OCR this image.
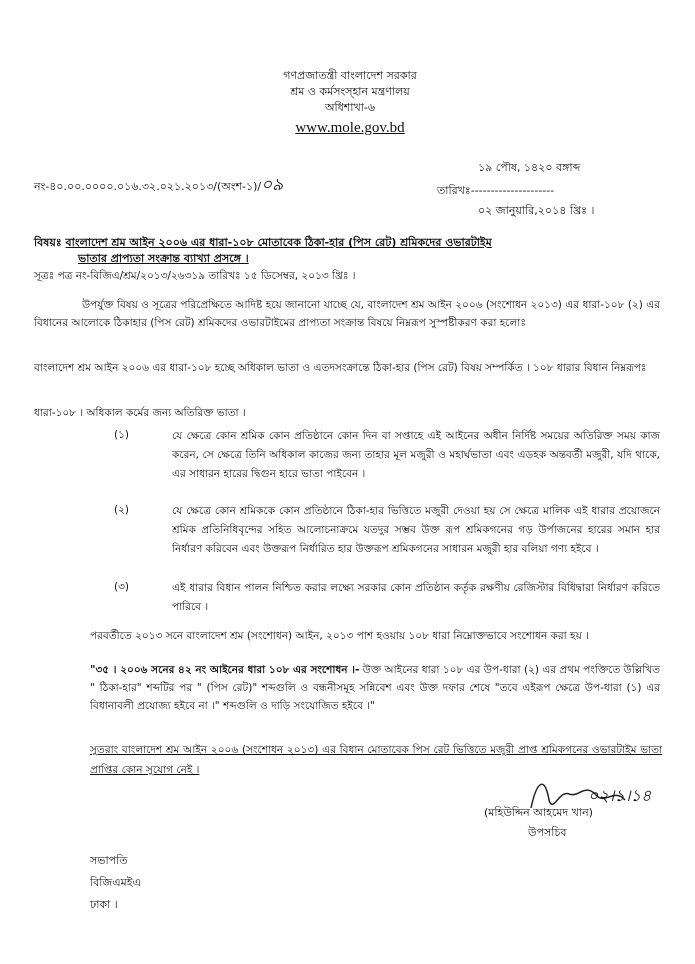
গণপ্রজাতন্ত্রী বাংলাদেশ সরকার
শ্রম ও কর্মসংস্হান মন্ত্রণালয়
অধিশাখা-৬
www.mole.gov.bd
১৯ পৌষ, ১৪২০ বঙ্গাব্দ
নং-৪০.০০.০০০০.০১৬.৩২.০২১.২০১৩/(অংশ-১)/০৯	তারিখঃ---------------------
০২ জানুয়ারি,২০১৪ খ্রিঃ ।
বিষয়ঃ বাংলাদেশ শ্রম আইন ২০০৬ এর ধারা-১০৮ মোতাবেক ঠিকা-হার (পিস রেট) শ্রমিকদের ওভারটাইম
ভাতার প্রাপ্যতা সংক্রান্ত ব্যাখ্যা প্রসঙ্গে ।
সূত্রঃ পত্র নং-বিজিএ/শ্রম/২০১৩/২৬৩১৯ তারিখঃ ১৫ ডিসেম্বর, ২০১৩ খ্রিঃ ।
উপর্যুক্ত বিষয় ও সূত্রের পরিপ্রেক্ষিতে আদিষ্ট হয়ে জানানো যাচ্ছে যে, বাংলাদেশ শ্রম আইন ২০০৬ (সংশোধন ২০১৩) এর ধারা-১০৮ (২) এর বিধানের আলোকে ঠিকাহার (পিস রেট) শ্রমিকদের ওভারটাইমের প্রাপ্যতা সংক্রান্ত বিষয়ে নিম্নরূপ সুস্পষ্টীকরণ করা হলোঃ
বাংলাদেশ শ্রম আইন ২০০৬ এর ধারা-১০৮ হচ্ছে অধিকাল ভাতা ও এতদসংক্রান্তে ঠিকা-হার (পিস রেট) বিষয় সম্পর্কিত । ১০৮ ধারার বিধান নিম্নরূপঃ
ধারা-১০৮ । অধিকাল কর্মের জন্য অতিরিক্ত ভাতা ।
(১)	যে ক্ষেত্রে কোন শ্রমিক কোন প্রতিষ্ঠানে কোন দিন বা সপ্তাহে এই আইনের অধীন নির্দিষ্ট সময়ের অতিরিক্ত সময় কাজ করেন, সে ক্ষেত্রে তিনি অধিকাল কাজের জন্য তাহার মূল মজুরী ও মহার্ঘভাতা এবং এডহক অন্তবর্তী মজুরী, যদি থাকে, এর সাধারন হারের দ্বিগুন হারে ভাতা পাইবেন ।
(২)	যে ক্ষেত্রে কোন শ্রমিককে কোন প্রতিষ্ঠানে ঠিকা-হার ভিত্তিতে মজুরী দেওয়া হয় সে ক্ষেত্রে মালিক এই ধারার প্রয়োজনে শ্রমিক প্রতিনিধিবৃন্দের সহিত আলোচনাক্রমে যতদুর সম্ভব উক্ত রূপ শ্রমিকগনের গড় উর্পাজনের হারের সমান হার নির্ধারণ করিবেন এবং উক্তরূপ নির্ধারিত হার উক্তরূপ শ্রমিকগনের সাধারন মজুরী হার বলিয়া গণ্য হইবে ।
(৩)	এই ধারার বিধান পালন নিশ্চিত করার লক্ষ্যে সরকার কোন প্রতিষ্ঠান কর্তৃক রক্ষণীয় রেজিস্টার বিধিদ্বারা নির্ধারণ করিতে পারিবে ।
পরবর্তীতে ২০১৩ সনে বাংলাদেশ শ্রম (সংশোধন) আইন, ২০১৩ পাশ হওয়ায় ১০৮ ধারা নিম্নোক্তভাবে সংশোধন করা হয় ।
"৩৫ । ২০০৬ সনের ৪২ নং আইনের ধারা ১০৮ এর সংশোধন ।- উক্ত আইনের ধারা ১০৮ এর উপ-ধারা (২) এর প্রথম পংক্তিতে উল্লিখিত " ঠিকা-হার" শব্দটির পর " (পিস রেট)" শব্দগুলি ও বন্ধনীসমূহ সন্নিবেশ এবং উক্ত দফার শেষে "তবে এইরূপ ক্ষেত্রে উপ-ধারা (১) এর বিধানাবলী প্রযোজ্য হইবে না ।" শব্দগুলি ও দাড়ি সংযোজিত হইবে ।"
সুতরাং বাংলাদেশ শ্রম আইন ২০০৬ (সংশোধন ২০১৩) এর বিধান মোতাবেক পিস রেট ভিত্তিতে মজুরী প্রাপ্ত শ্রমিকগনের ওভারটাইম ভাতা প্রাপ্তির কোন সুযোগ নেই ।
০২।১।১৪
(মহিউদ্দিন আহমেদ খান)
উপসচিব
সভাপতি
বিজিএমইএ
ঢাকা ।
